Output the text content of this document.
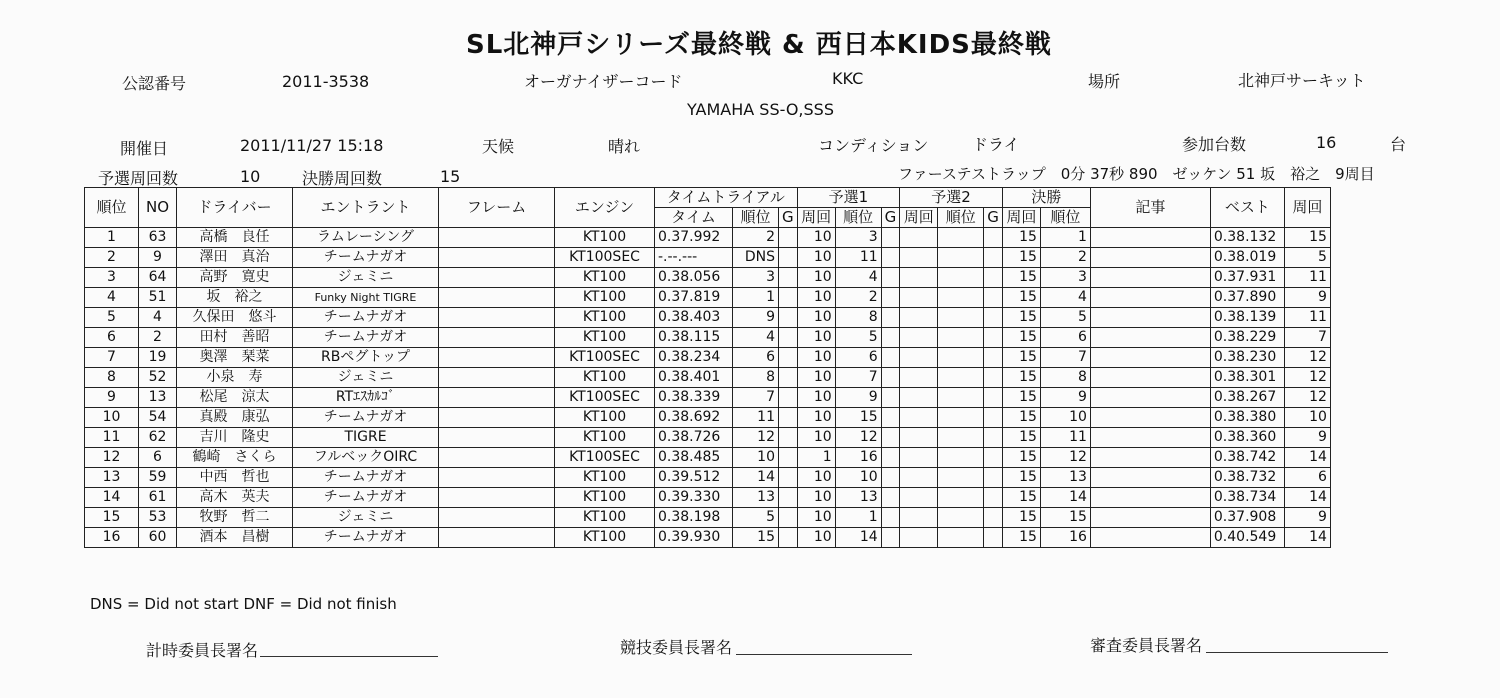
SL北神戸シリーズ最終戦 & 西日本KIDS最終戦
公認番号	2011-3538	オーガナイザーコード	KKC	場所	北神戸サーキット
YAMAHA SS-O,SSS
開催日	2011/11/27 15:18	天候	晴れ	コンディション	ドライ	参加台数	16	台
予選周回数	10	決勝周回数	15	ファーステストラップ　0分 37秒 890　ゼッケン 51 坂　裕之　9周目
順位	NO	ドライバー	エントラント	フレーム	エンジン	タイムトライアル			予選1			予選2			決勝		記事	ベスト	周回
						タイム	順位	G	周回	順位	G	周回	順位	G	周回	順位			
1	63	高橋　良任	ラムレーシング		KT100	0.37.992	2		10	3					15	1		0.38.132	15
2	9	澤田　真治	チームナガオ		KT100SEC	-.--.---	DNS		10	11					15	2		0.38.019	5
3	64	高野　寛史	ジェミニ		KT100	0.38.056	3		10	4					15	3		0.37.931	11
4	51	坂　裕之	Funky Night TIGRE		KT100	0.37.819	1		10	2					15	4		0.37.890	9
5	4	久保田　悠斗	チームナガオ		KT100	0.38.403	9		10	8					15	5		0.38.139	11
6	2	田村　善昭	チームナガオ		KT100	0.38.115	4		10	5					15	6		0.38.229	7
7	19	奥澤　琹菜	RBペグトップ		KT100SEC	0.38.234	6		10	6					15	7		0.38.230	12
8	52	小泉　寿	ジェミニ		KT100	0.38.401	8		10	7					15	8		0.38.301	12
9	13	松尾　涼太	RTｴｽｶﾙｺﾞ		KT100SEC	0.38.339	7		10	9					15	9		0.38.267	12
10	54	真殿　康弘	チームナガオ		KT100	0.38.692	11		10	15					15	10		0.38.380	10
11	62	吉川　隆史	TIGRE		KT100	0.38.726	12		10	12					15	11		0.38.360	9
12	6	鶴崎　さくら	フルベックOIRC		KT100SEC	0.38.485	10		1	16					15	12		0.38.742	14
13	59	中西　哲也	チームナガオ		KT100	0.39.512	14		10	10					15	13		0.38.732	6
14	61	高木　英夫	チームナガオ		KT100	0.39.330	13		10	13					15	14		0.38.734	14
15	53	牧野　哲二	ジェミニ		KT100	0.38.198	5		10	1					15	15		0.37.908	9
16	60	酒本　昌樹	チームナガオ		KT100	0.39.930	15		10	14					15	16		0.40.549	14
DNS = Did not start DNF = Did not finish
計時委員長署名	競技委員長署名	審査委員長署名
